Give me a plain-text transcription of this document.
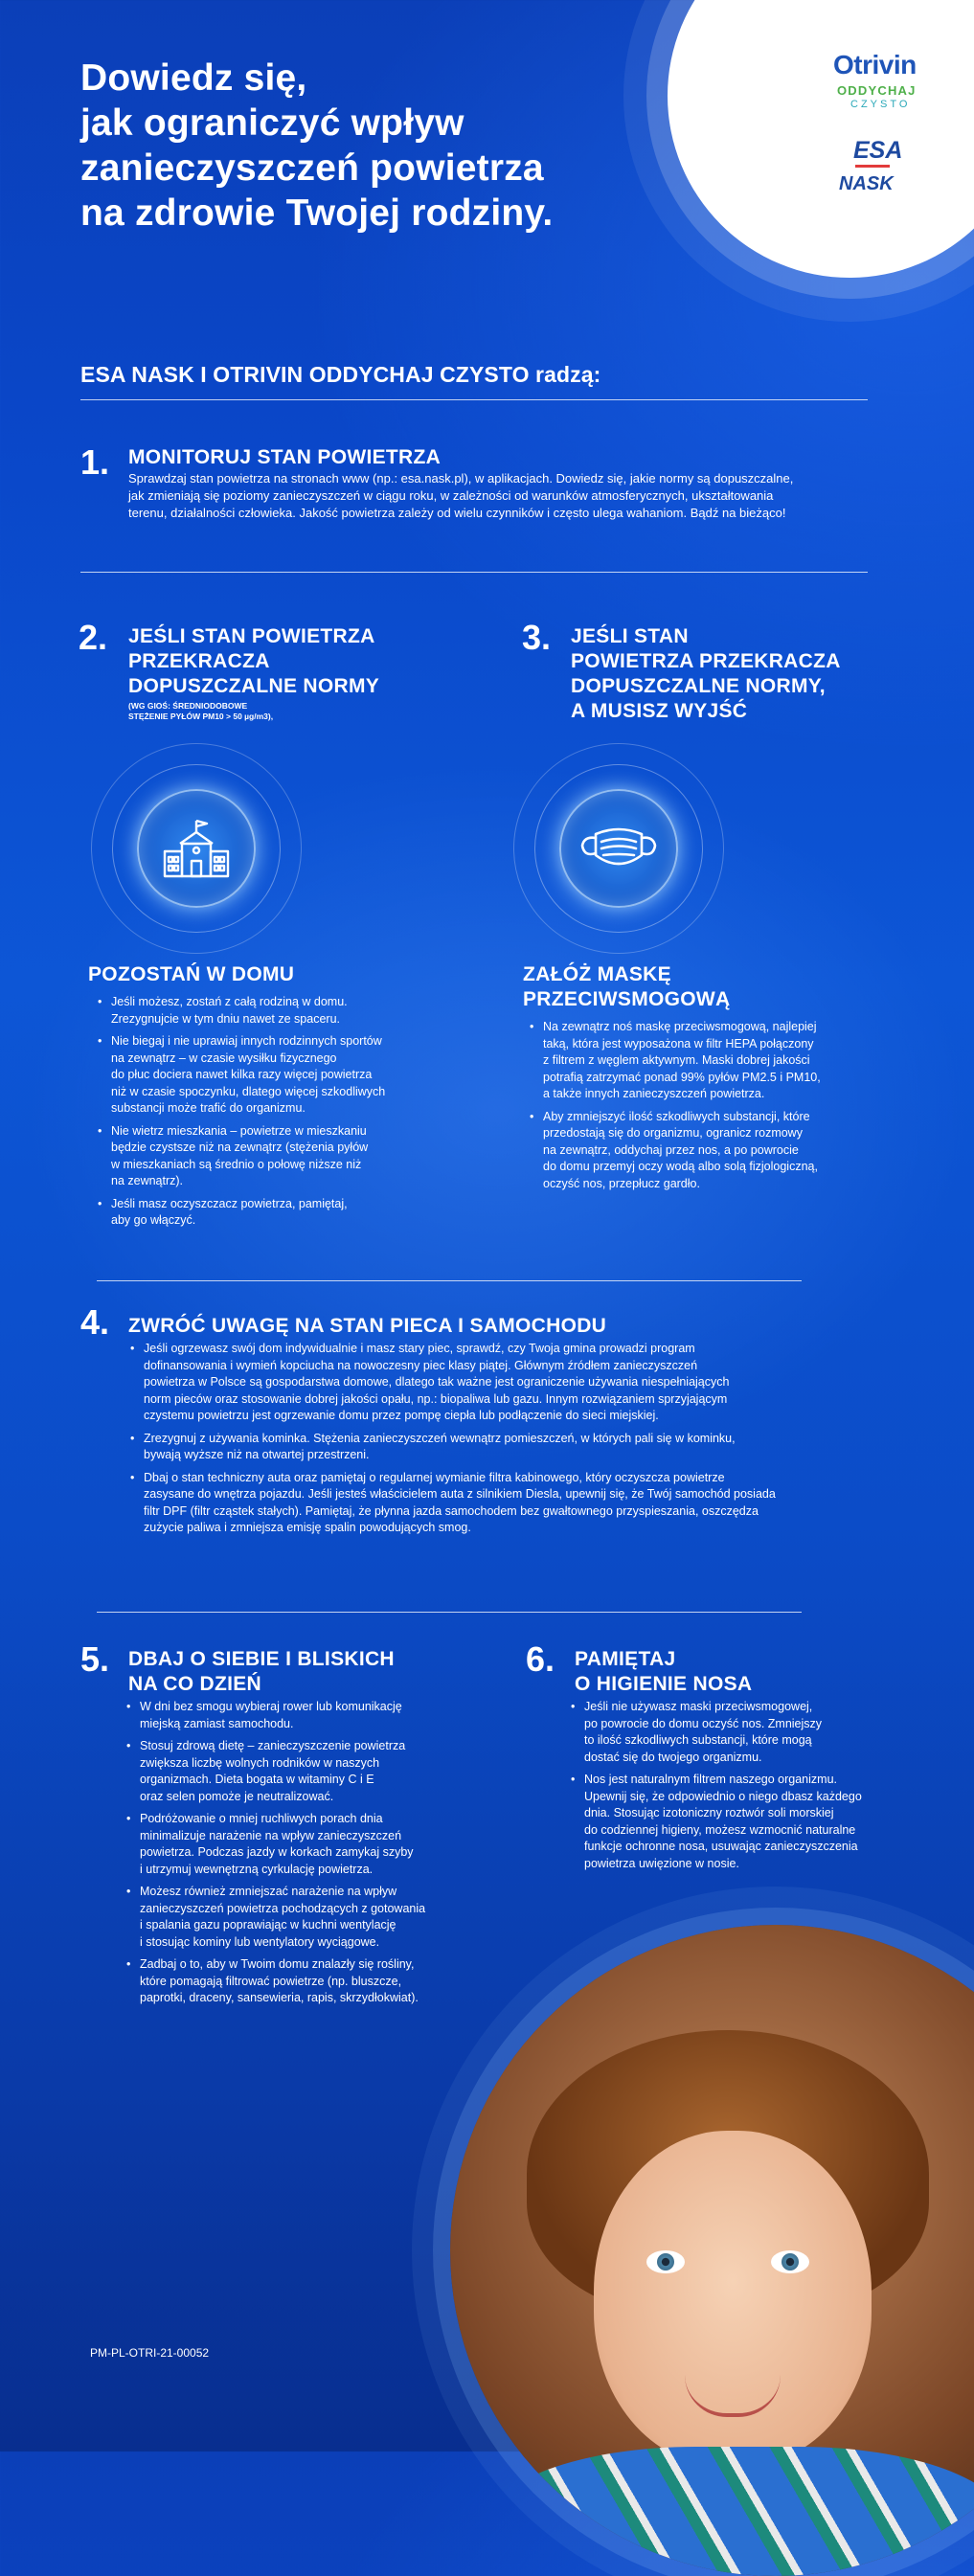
Dowiedz się,
jak ograniczyć wpływ
zanieczyszczeń powietrza
na zdrowie Twojej rodziny.
Otrivin
ODDYCHAJ
CZYSTO
ESA
NASK
ESA NASK I OTRIVIN ODDYCHAJ CZYSTO radzą:
1. MONITORUJ STAN POWIETRZA
Sprawdzaj stan powietrza na stronach www (np.: esa.nask.pl), w aplikacjach. Dowiedz się, jakie normy są dopuszczalne,
jak zmieniają się poziomy zanieczyszczeń w ciągu roku, w zależności od warunków atmosferycznych, ukształtowania
terenu, działalności człowieka. Jakość powietrza zależy od wielu czynników i często ulega wahaniom. Bądź na bieżąco!
2. JEŚLI STAN POWIETRZA
PRZEKRACZA
DOPUSZCZALNE NORMY
(WG GIOŚ: ŚREDNIODOBOWE
STĘŻENIE PYŁÓW PM10 > 50 µg/m3),
POZOSTAŃ W DOMU
• Jeśli możesz, zostań z całą rodziną w domu.
Zrezygnujcie w tym dniu nawet ze spaceru.
• Nie biegaj i nie uprawiaj innych rodzinnych sportów
na zewnątrz – w czasie wysiłku fizycznego
do płuc dociera nawet kilka razy więcej powietrza
niż w czasie spoczynku, dlatego więcej szkodliwych
substancji może trafić do organizmu.
• Nie wietrz mieszkania – powietrze w mieszkaniu
będzie czystsze niż na zewnątrz (stężenia pyłów
w mieszkaniach są średnio o połowę niższe niż
na zewnątrz).
• Jeśli masz oczyszczacz powietrza, pamiętaj,
aby go włączyć.
3. JEŚLI STAN
POWIETRZA PRZEKRACZA
DOPUSZCZALNE NORMY,
A MUSISZ WYJŚĆ
ZAŁÓŻ MASKĘ
PRZECIWSMOGOWĄ
• Na zewnątrz noś maskę przeciwsmogową, najlepiej
taką, która jest wyposażona w filtr HEPA połączony
z filtrem z węglem aktywnym. Maski dobrej jakości
potrafią zatrzymać ponad 99% pyłów PM2.5 i PM10,
a także innych zanieczyszczeń powietrza.
• Aby zmniejszyć ilość szkodliwych substancji, które
przedostają się do organizmu, ogranicz rozmowy
na zewnątrz, oddychaj przez nos, a po powrocie
do domu przemyj oczy wodą albo solą fizjologiczną,
oczyść nos, przepłucz gardło.
4. ZWRÓĆ UWAGĘ NA STAN PIECA I SAMOCHODU
• Jeśli ogrzewasz swój dom indywidualnie i masz stary piec, sprawdź, czy Twoja gmina prowadzi program
dofinansowania i wymień kopciucha na nowoczesny piec klasy piątej. Głównym źródłem zanieczyszczeń
powietrza w Polsce są gospodarstwa domowe, dlatego tak ważne jest ograniczenie używania niespełniających
norm pieców oraz stosowanie dobrej jakości opału, np.: biopaliwa lub gazu. Innym rozwiązaniem sprzyjającym
czystemu powietrzu jest ogrzewanie domu przez pompę ciepła lub podłączenie do sieci miejskiej.
• Zrezygnuj z używania kominka. Stężenia zanieczyszczeń wewnątrz pomieszczeń, w których pali się w kominku,
bywają wyższe niż na otwartej przestrzeni.
• Dbaj o stan techniczny auta oraz pamiętaj o regularnej wymianie filtra kabinowego, który oczyszcza powietrze
zasysane do wnętrza pojazdu. Jeśli jesteś właścicielem auta z silnikiem Diesla, upewnij się, że Twój samochód posiada
filtr DPF (filtr cząstek stałych). Pamiętaj, że płynna jazda samochodem bez gwałtownego przyspieszania, oszczędza
zużycie paliwa i zmniejsza emisję spalin powodujących smog.
5. DBAJ O SIEBIE I BLISKICH
NA CO DZIEŃ
• W dni bez smogu wybieraj rower lub komunikację
miejską zamiast samochodu.
• Stosuj zdrową dietę – zanieczyszczenie powietrza
zwiększa liczbę wolnych rodników w naszych
organizmach. Dieta bogata w witaminy C i E
oraz selen pomoże je neutralizować.
• Podróżowanie o mniej ruchliwych porach dnia
minimalizuje narażenie na wpływ zanieczyszczeń
powietrza. Podczas jazdy w korkach zamykaj szyby
i utrzymuj wewnętrzną cyrkulację powietrza.
• Możesz również zmniejszać narażenie na wpływ
zanieczyszczeń powietrza pochodzących z gotowania
i spalania gazu poprawiając w kuchni wentylację
i stosując kominy lub wentylatory wyciągowe.
• Zadbaj o to, aby w Twoim domu znalazły się rośliny,
które pomagają filtrować powietrze (np. bluszcze,
paprotki, draceny, sansewieria, rapis, skrzydłokwiat).
6. PAMIĘTAJ
O HIGIENIE NOSA
• Jeśli nie używasz maski przeciwsmogowej,
po powrocie do domu oczyść nos. Zmniejszy
to ilość szkodliwych substancji, które mogą
dostać się do twojego organizmu.
• Nos jest naturalnym filtrem naszego organizmu.
Upewnij się, że odpowiednio o niego dbasz każdego
dnia. Stosując izotoniczny roztwór soli morskiej
do codziennej higieny, możesz wzmocnić naturalne
funkcje ochronne nosa, usuwając zanieczyszczenia
powietrza uwięzione w nosie.
PM-PL-OTRI-21-00052
